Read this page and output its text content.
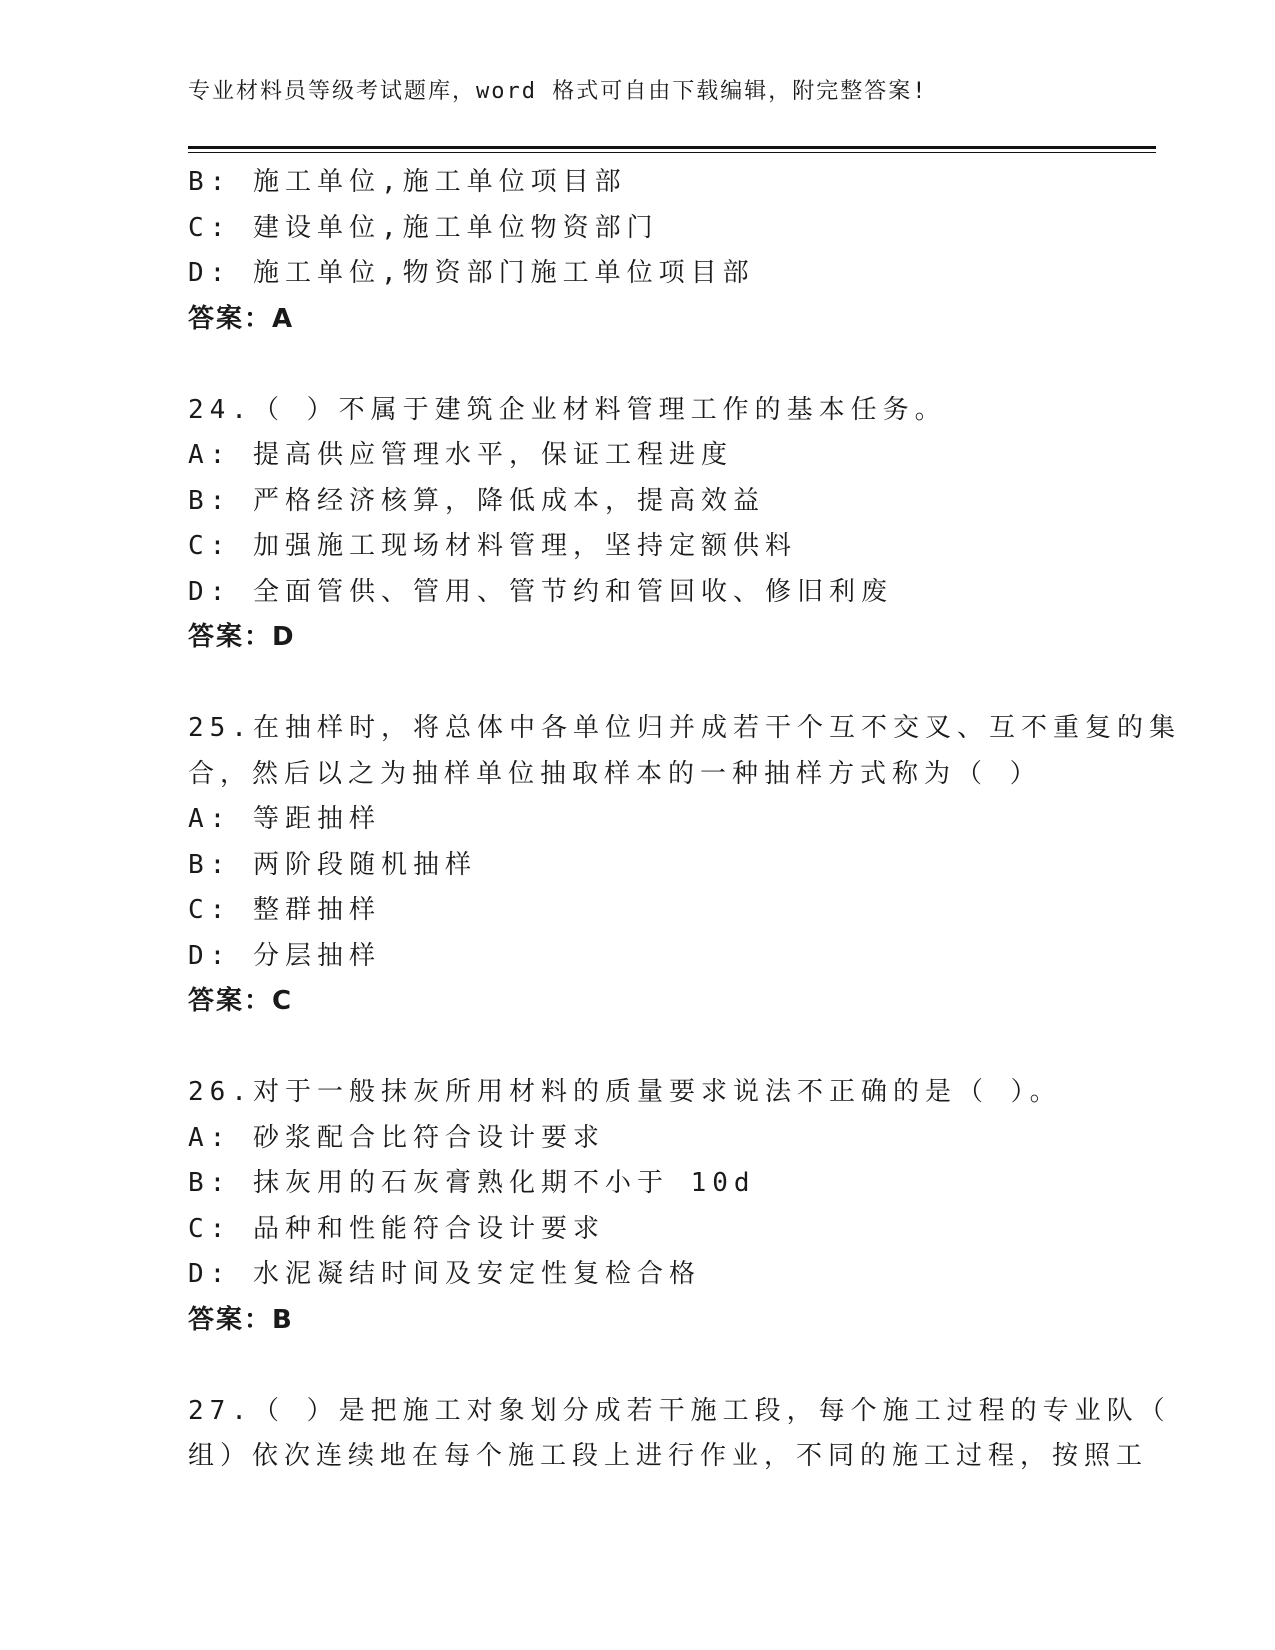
专业材料员等级考试题库，word 格式可自由下载编辑，附完整答案!
B: 施工单位,施工单位项目部
C: 建设单位,施工单位物资部门
D: 施工单位,物资部门施工单位项目部
答案：A
24.（ ）不属于建筑企业材料管理工作的基本任务。
A: 提高供应管理水平，保证工程进度
B: 严格经济核算，降低成本，提高效益
C: 加强施工现场材料管理，坚持定额供料
D: 全面管供、管用、管节约和管回收、修旧利废
答案：D
25.在抽样时，将总体中各单位归并成若干个互不交叉、互不重复的集
合，然后以之为抽样单位抽取样本的一种抽样方式称为（ ）
A: 等距抽样
B: 两阶段随机抽样
C: 整群抽样
D: 分层抽样
答案：C
26.对于一般抹灰所用材料的质量要求说法不正确的是（ ）。
A: 砂浆配合比符合设计要求
B: 抹灰用的石灰膏熟化期不小于 10d
C: 品种和性能符合设计要求
D: 水泥凝结时间及安定性复检合格
答案：B
27.（ ）是把施工对象划分成若干施工段，每个施工过程的专业队（
组）依次连续地在每个施工段上进行作业，不同的施工过程，按照工
